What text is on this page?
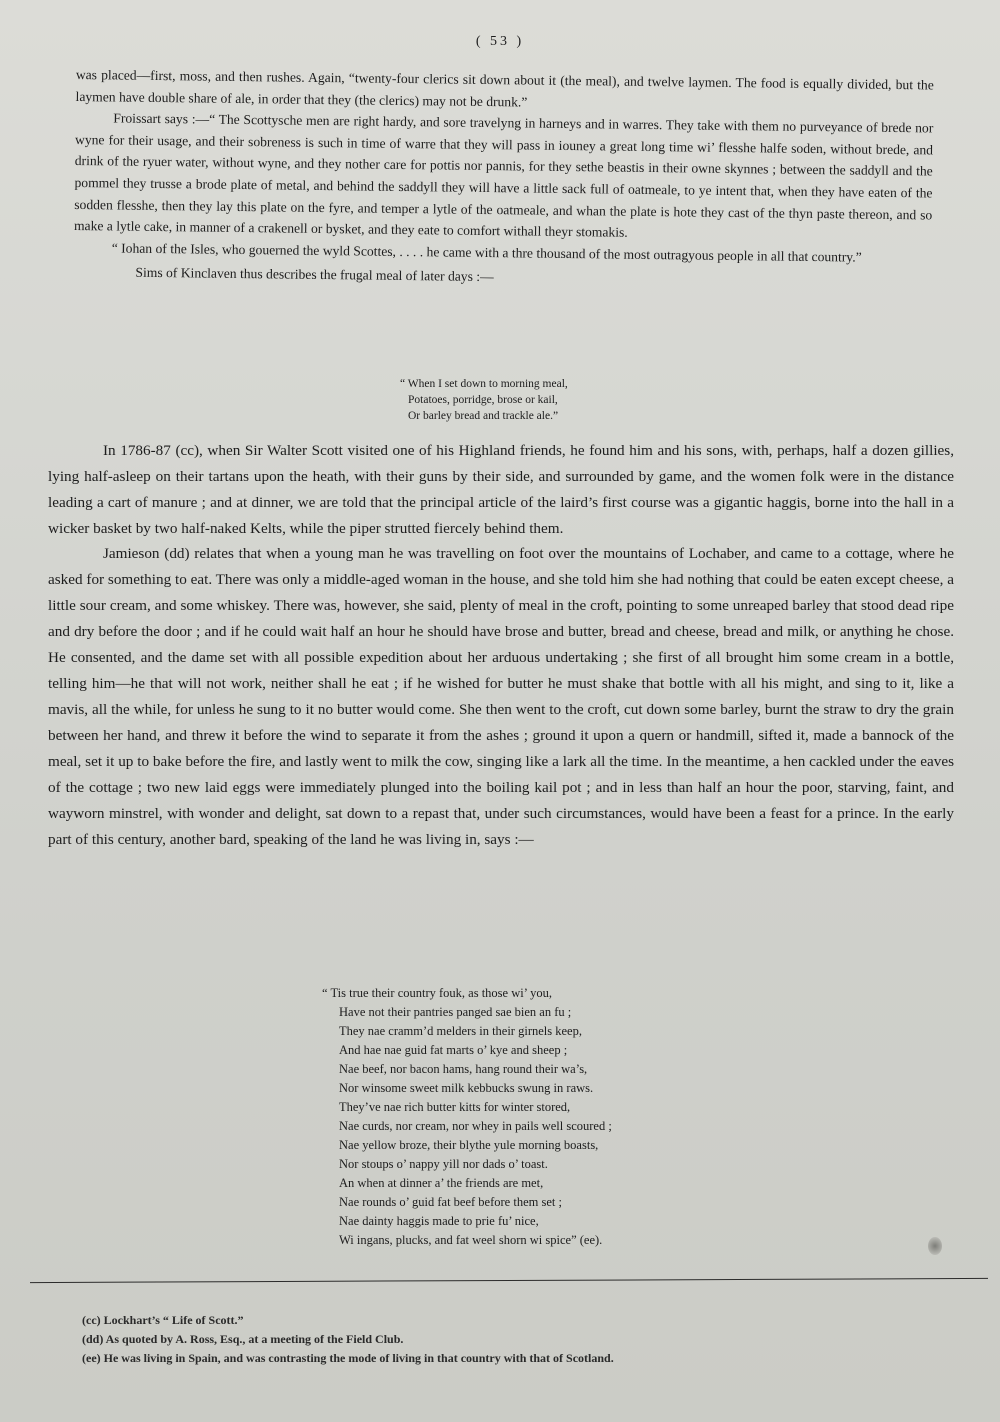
( 53 )

was placed—first, moss, and then rushes. Again, “twenty-four clerics sit down about it (the meal), and twelve laymen. The food is equally divided, but the laymen have double share of ale, in order that they (the clerics) may not be drunk.”

Froissart says :—“ The Scottysche men are right hardy, and sore travelyng in harneys and in warres. They take with them no purveyance of brede nor wyne for their usage, and their sobreness is such in time of warre that they will pass in iouney a great long time wi’ flesshe halfe soden, without brede, and drink of the ryuer water, without wyne, and they nother care for pottis nor pannis, for they sethe beastis in their owne skynnes ; between the saddyll and the pommel they trusse a brode plate of metal, and behind the saddyll they will have a little sack full of oatmeale, to ye intent that, when they have eaten of the sodden flesshe, then they lay this plate on the fyre, and temper a lytle of the oatmeale, and whan the plate is hote they cast of the thyn paste thereon, and so make a lytle cake, in manner of a crakenell or bysket, and they eate to comfort withall theyr stomakis.

“ Iohan of the Isles, who gouerned the wyld Scottes, . . . . he came with a thre thousand of the most outragyous people in all that country.”

Sims of Kinclaven thus describes the frugal meal of later days :—

“ When I set down to morning meal,
Potatoes, porridge, brose or kail,
Or barley bread and trackle ale.”

In 1786-87 (cc), when Sir Walter Scott visited one of his Highland friends, he found him and his sons, with, perhaps, half a dozen gillies, lying half-asleep on their tartans upon the heath, with their guns by their side, and surrounded by game, and the women folk were in the distance leading a cart of manure ; and at dinner, we are told that the principal article of the laird’s first course was a gigantic haggis, borne into the hall in a wicker basket by two half-naked Kelts, while the piper strutted fiercely behind them.

Jamieson (dd) relates that when a young man he was travelling on foot over the mountains of Lochaber, and came to a cottage, where he asked for something to eat. There was only a middle-aged woman in the house, and she told him she had nothing that could be eaten except cheese, a little sour cream, and some whiskey. There was, however, she said, plenty of meal in the croft, pointing to some unreaped barley that stood dead ripe and dry before the door ; and if he could wait half an hour he should have brose and butter, bread and cheese, bread and milk, or anything he chose. He consented, and the dame set with all possible expedition about her arduous undertaking ; she first of all brought him some cream in a bottle, telling him—he that will not work, neither shall he eat ; if he wished for butter he must shake that bottle with all his might, and sing to it, like a mavis, all the while, for unless he sung to it no butter would come. She then went to the croft, cut down some barley, burnt the straw to dry the grain between her hand, and threw it before the wind to separate it from the ashes ; ground it upon a quern or handmill, sifted it, made a bannock of the meal, set it up to bake before the fire, and lastly went to milk the cow, singing like a lark all the time. In the meantime, a hen cackled under the eaves of the cottage ; two new laid eggs were immediately plunged into the boiling kail pot ; and in less than half an hour the poor, starving, faint, and wayworn minstrel, with wonder and delight, sat down to a repast that, under such circumstances, would have been a feast for a prince. In the early part of this century, another bard, speaking of the land he was living in, says :—

“ Tis true their country fouk, as those wi’ you,
Have not their pantries panged sae bien an fu ;
They nae cramm’d melders in their girnels keep,
And hae nae guid fat marts o’ kye and sheep ;
Nae beef, nor bacon hams, hang round their wa’s,
Nor winsome sweet milk kebbucks swung in raws.
They’ve nae rich butter kitts for winter stored,
Nae curds, nor cream, nor whey in pails well scoured ;
Nae yellow broze, their blythe yule morning boasts,
Nor stoups o’ nappy yill nor dads o’ toast.
An when at dinner a’ the friends are met,
Nae rounds o’ guid fat beef before them set ;
Nae dainty haggis made to prie fu’ nice,
Wi ingans, plucks, and fat weel shorn wi spice” (ee).
(cc) Lockhart’s “ Life of Scott.”
(dd) As quoted by A. Ross, Esq., at a meeting of the Field Club.
(ee) He was living in Spain, and was contrasting the mode of living in that country with that of Scotland.
